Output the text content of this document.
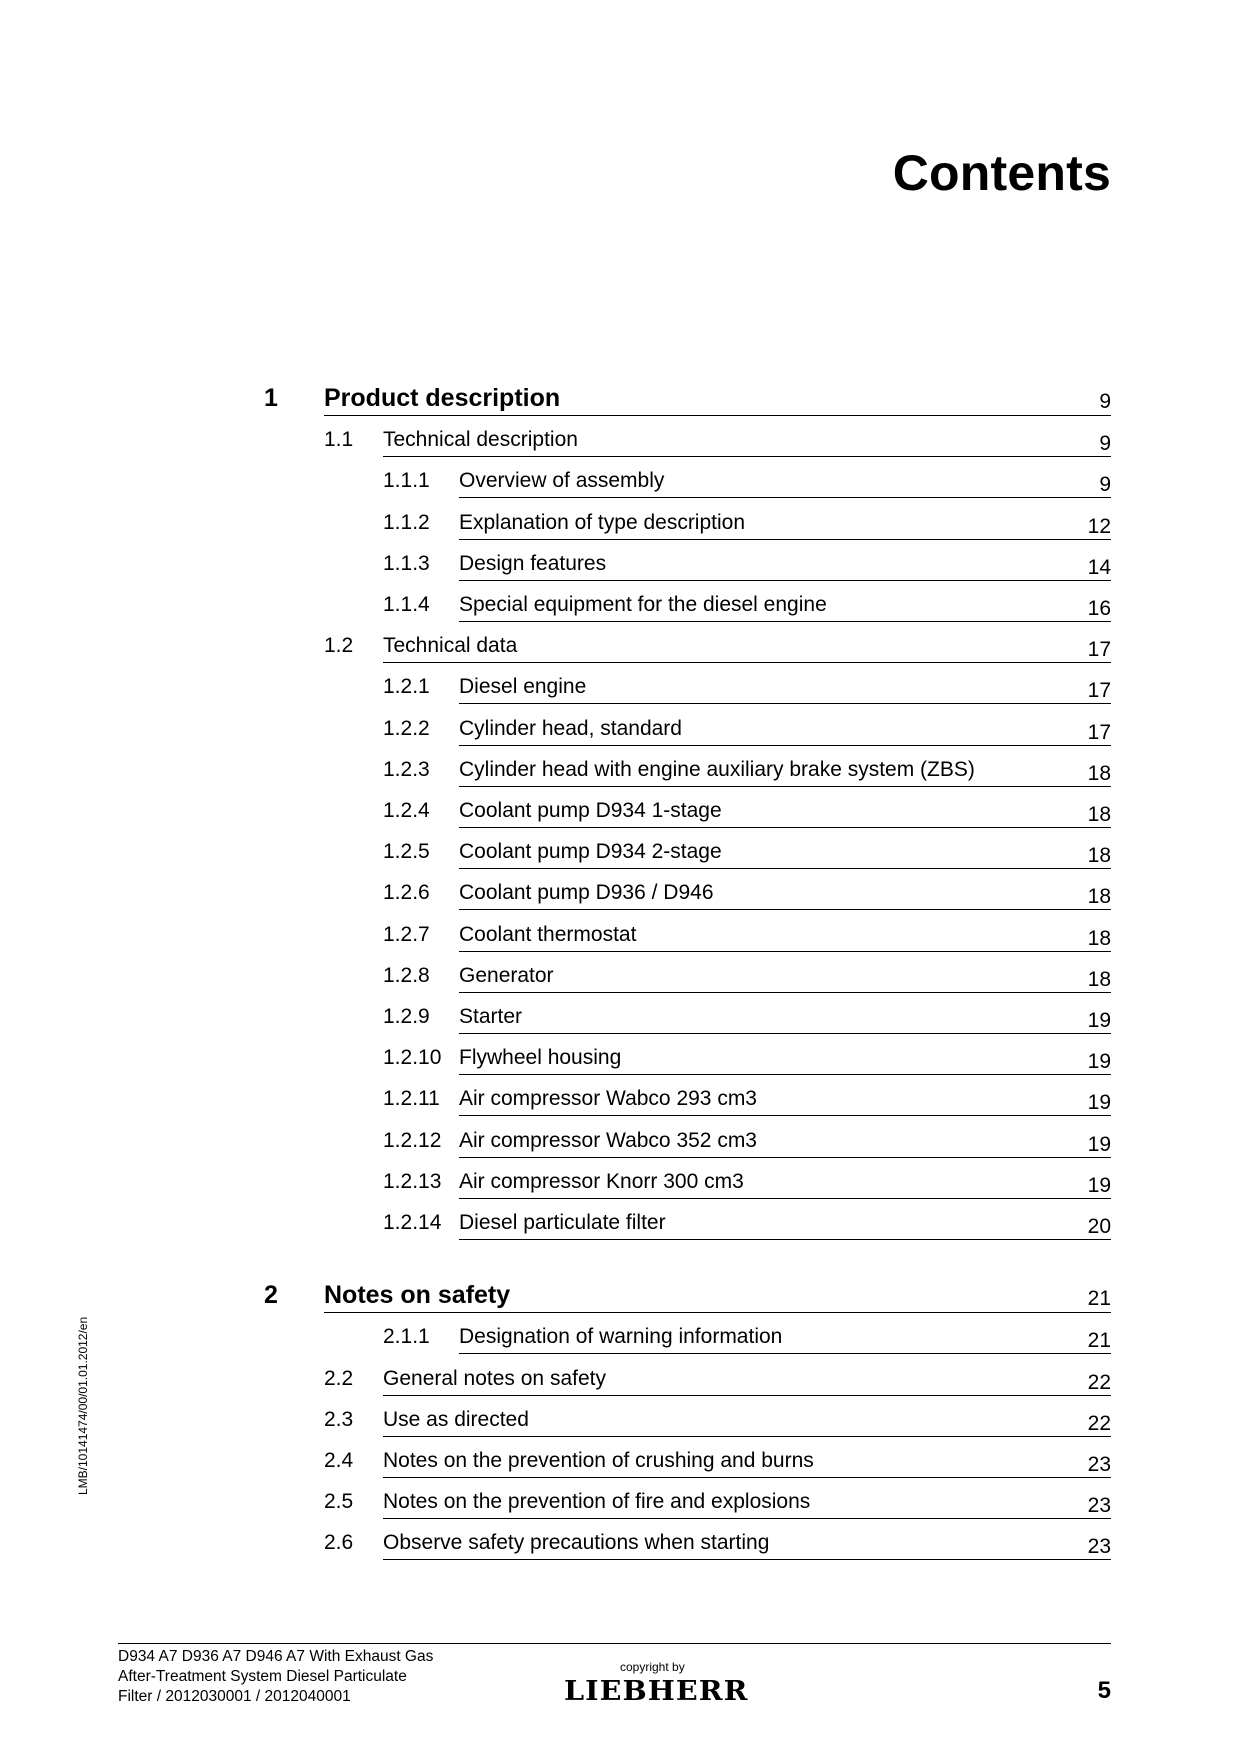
Contents
1 Product description	9
1.1 Technical description	9
1.1.1 Overview of assembly	9
1.1.2 Explanation of type description	12
1.1.3 Design features	14
1.1.4 Special equipment for the diesel engine	16
1.2 Technical data	17
1.2.1 Diesel engine	17
1.2.2 Cylinder head, standard	17
1.2.3 Cylinder head with engine auxiliary brake system (ZBS)	18
1.2.4 Coolant pump D934 1-stage	18
1.2.5 Coolant pump D934 2-stage	18
1.2.6 Coolant pump D936 / D946	18
1.2.7 Coolant thermostat	18
1.2.8 Generator	18
1.2.9 Starter	19
1.2.10 Flywheel housing	19
1.2.11 Air compressor Wabco 293 cm3	19
1.2.12 Air compressor Wabco 352 cm3	19
1.2.13 Air compressor Knorr 300 cm3	19
1.2.14 Diesel particulate filter	20
2 Notes on safety	21
2.1.1 Designation of warning information	21
2.2 General notes on safety	22
2.3 Use as directed	22
2.4 Notes on the prevention of crushing and burns	23
2.5 Notes on the prevention of fire and explosions	23
2.6 Observe safety precautions when starting	23
LMB/10141474/00/01.01.2012/en
D934 A7 D936 A7 D946 A7 With Exhaust Gas
After-Treatment System Diesel Particulate
Filter / 2012030001 / 2012040001
copyright by
LIEBHERR	5
